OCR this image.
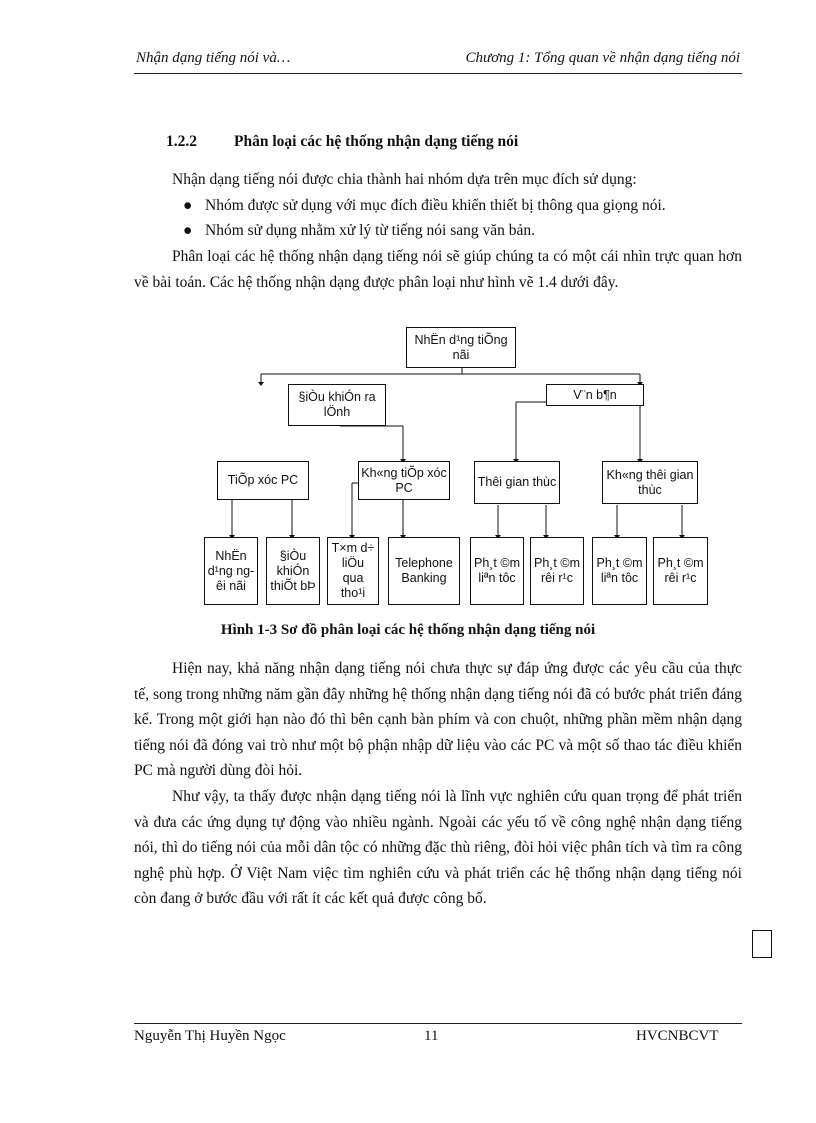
Nhận dạng tiếng nói và…	Chương 1: Tổng quan về nhận dạng tiếng nói
1.2.2 Phân loại các hệ thống nhận dạng tiếng nói
Nhận dạng tiếng nói được chia thành hai nhóm dựa trên mục đích sử dụng:
● Nhóm được sử dụng với mục đích điều khiển thiết bị thông qua giọng nói.
● Nhóm sử dụng nhằm xử lý từ tiếng nói sang văn bản.
Phân loại các hệ thống nhận dạng tiếng nói sẽ giúp chúng ta có một cái nhìn trực quan hơn về bài toán. Các hệ thống nhận dạng được phân loại như hình vẽ 1.4 dưới đây.
NhËn d¹ng tiÕng nãi
§iÒu khiÓn ra lÖnh
V¨n b¶n
TiÕp xóc PC
Kh«ng tiÕp xóc PC	Thêi gian thùc
Kh«ng thêi gian thùc
NhËn d¹ng ngêi nãi
§iÒu khiÓn thiÕt bÞ
T×m d÷ liÖu qua tho¹i
Telephone Banking
Ph¸t ©m liªn tôc
Ph¸t ©m rêi r¹c
Ph¸t ©m liªn tôc
Ph¸t ©m rêi r¹c
Hình 1-3 Sơ đồ phân loại các hệ thống nhận dạng tiếng nói
Hiện nay, khả năng nhận dạng tiếng nói chưa thực sự đáp ứng được các yêu cầu của thực tế, song trong những năm gần đây những hệ thống nhận dạng tiếng nói đã có bước phát triển đáng kể. Trong một giới hạn nào đó thì bên cạnh bàn phím và con chuột, những phần mềm nhận dạng tiếng nói đã đóng vai trò như một bộ phận nhập dữ liệu vào các PC và một số thao tác điều khiển PC mà người dùng đòi hỏi.
Như vậy, ta thấy được nhận dạng tiếng nói là lĩnh vực nghiên cứu quan trọng để phát triển và đưa các ứng dụng tự động vào nhiều ngành. Ngoài các yếu tố về công nghệ nhận dạng tiếng nói, thì do tiếng nói của mỗi dân tộc có những đặc thù riêng, đòi hỏi việc phân tích và tìm ra công nghệ phù hợp. Ở Việt Nam việc tìm nghiên cứu và phát triển các hệ thống nhận dạng tiếng nói còn đang ở bước đầu với rất ít các kết quả được công bố.
Nguyễn Thị Huyền Ngọc	11	HVCNBCVT
